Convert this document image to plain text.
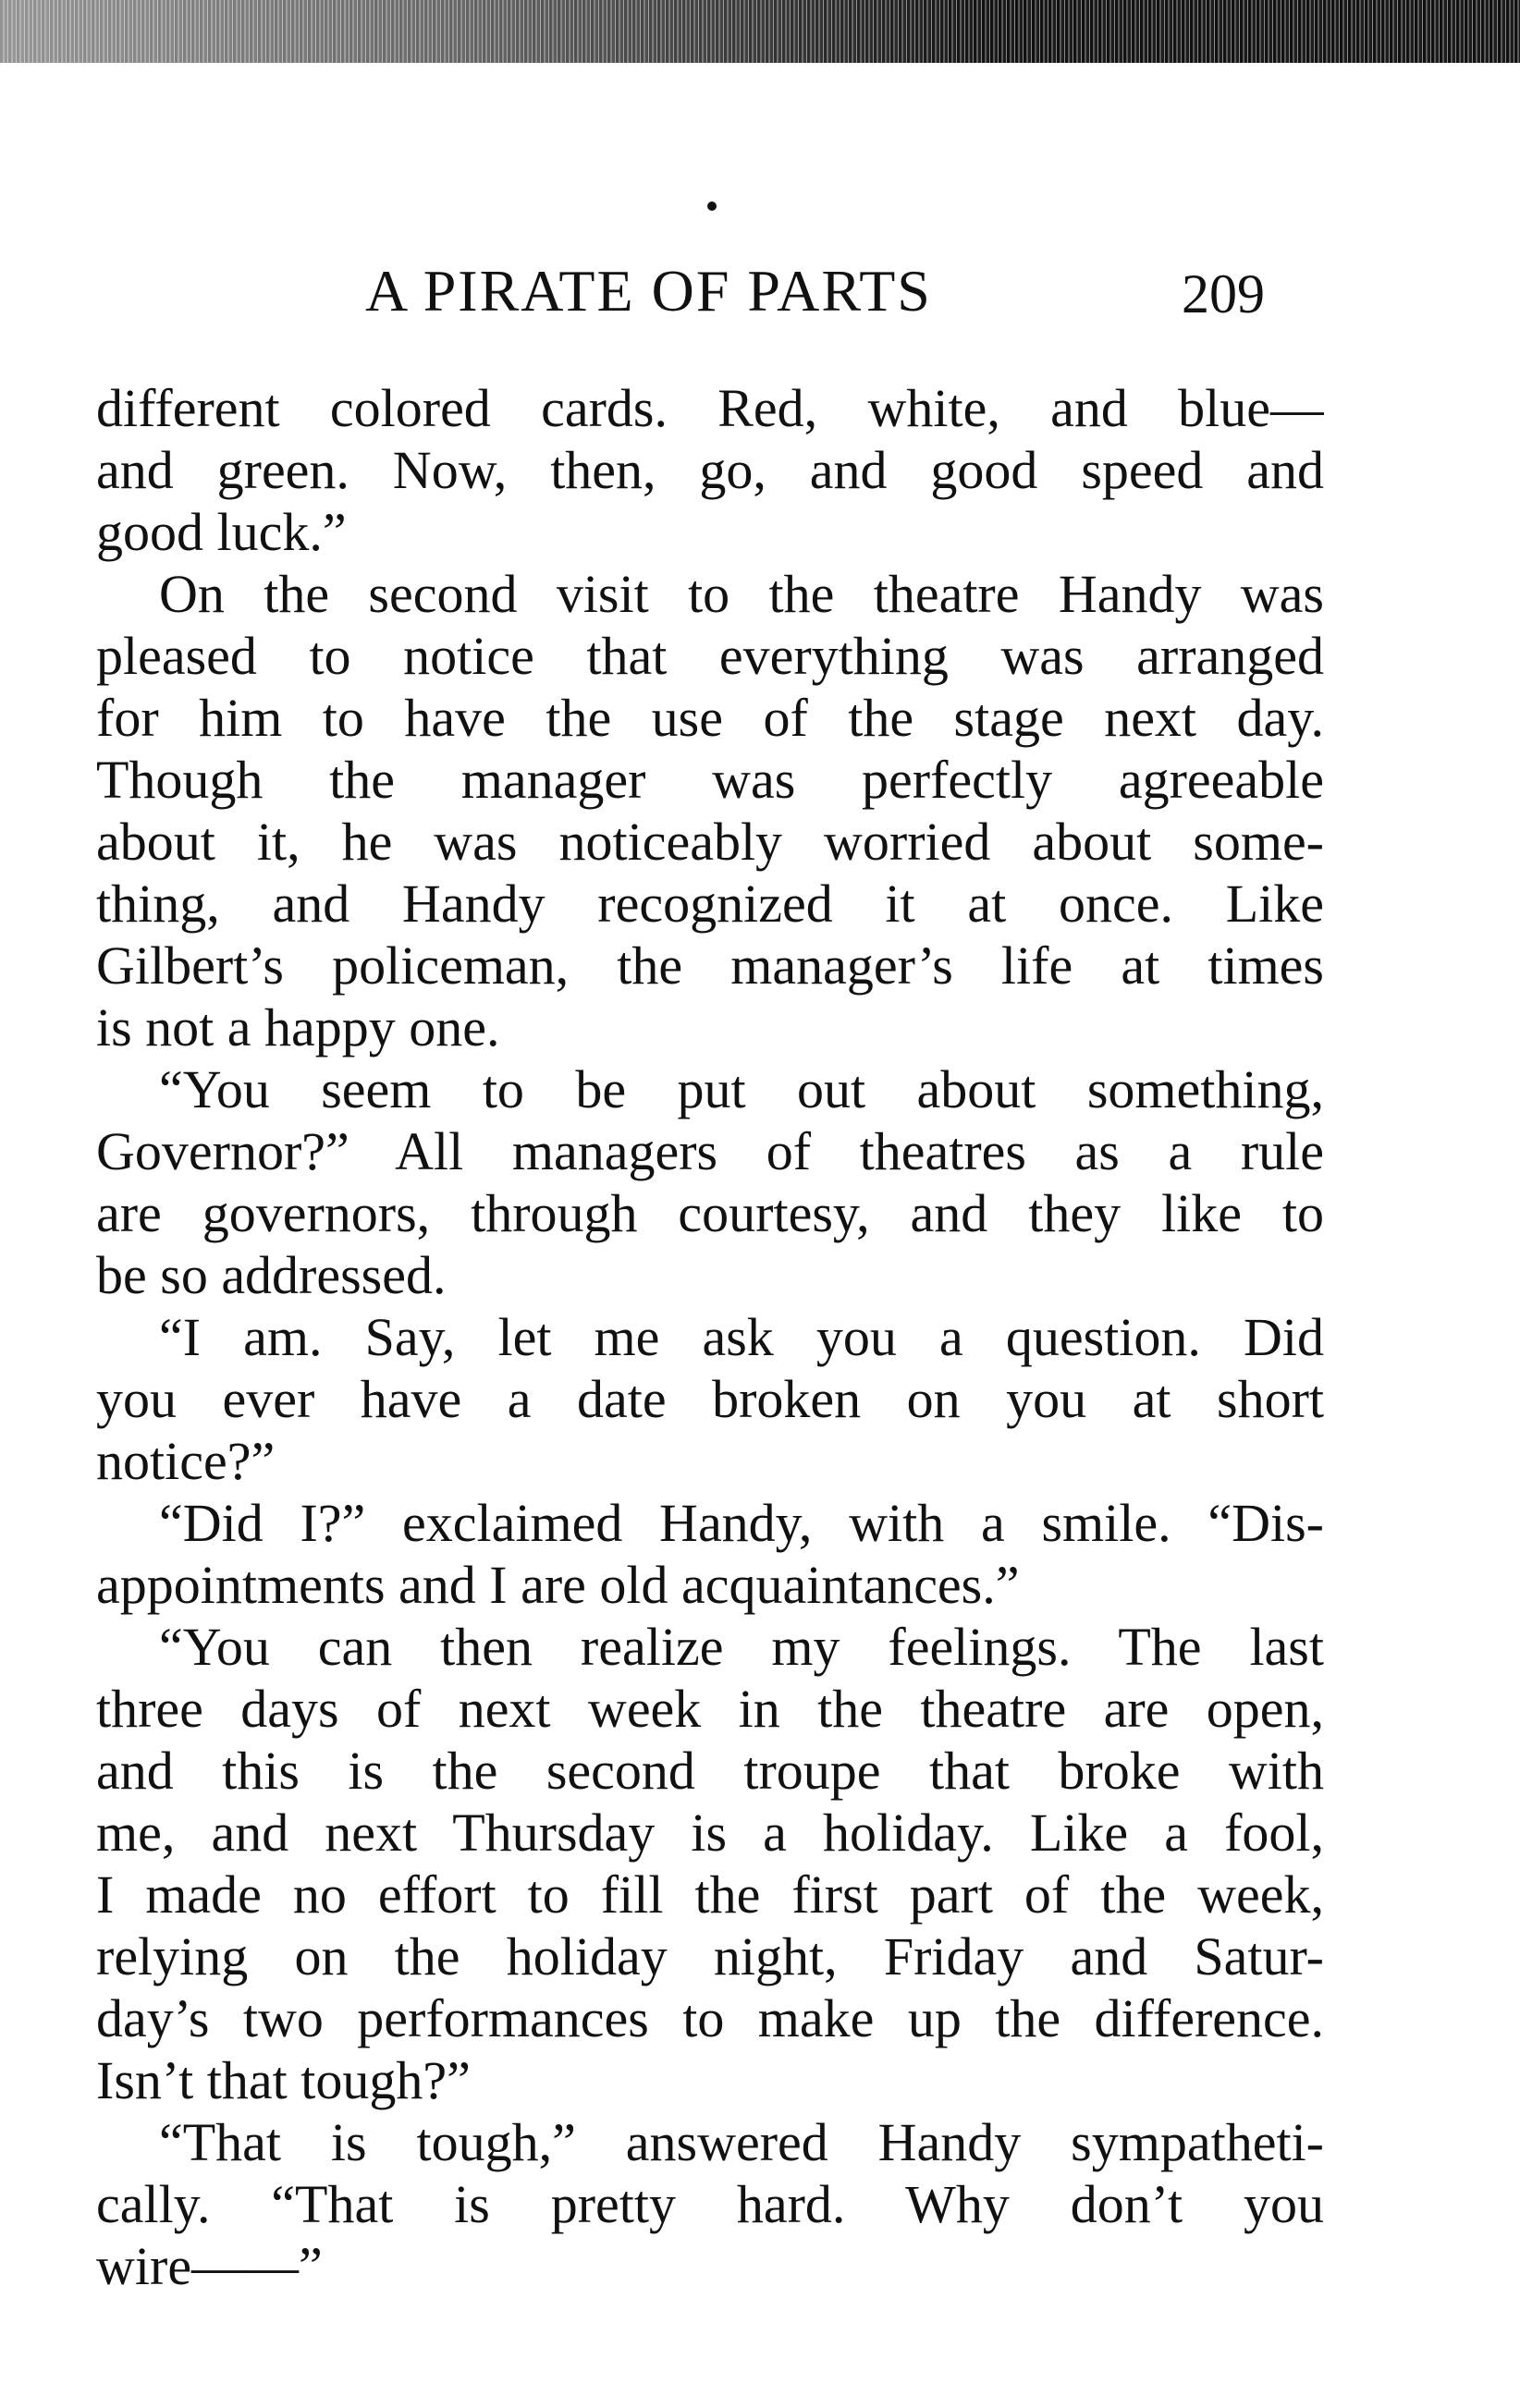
A PIRATE OF PARTS	209
different colored cards. Red, white, and blue—
and green. Now, then, go, and good speed and
good luck.”
On the second visit to the theatre Handy was
pleased to notice that everything was arranged
for him to have the use of the stage next day.
Though the manager was perfectly agreeable
about it, he was noticeably worried about some-
thing, and Handy recognized it at once. Like
Gilbert’s policeman, the manager’s life at times
is not a happy one.
“You seem to be put out about something,
Governor?” All managers of theatres as a rule
are governors, through courtesy, and they like to
be so addressed.
“I am. Say, let me ask you a question. Did
you ever have a date broken on you at short
notice?”
“Did I?” exclaimed Handy, with a smile. “Dis-
appointments and I are old acquaintances.”
“You can then realize my feelings. The last
three days of next week in the theatre are open,
and this is the second troupe that broke with
me, and next Thursday is a holiday. Like a fool,
I made no effort to fill the first part of the week,
relying on the holiday night, Friday and Satur-
day’s two performances to make up the difference.
Isn’t that tough?”
“That is tough,” answered Handy sympatheti-
cally. “That is pretty hard. Why don’t you
wire——”
